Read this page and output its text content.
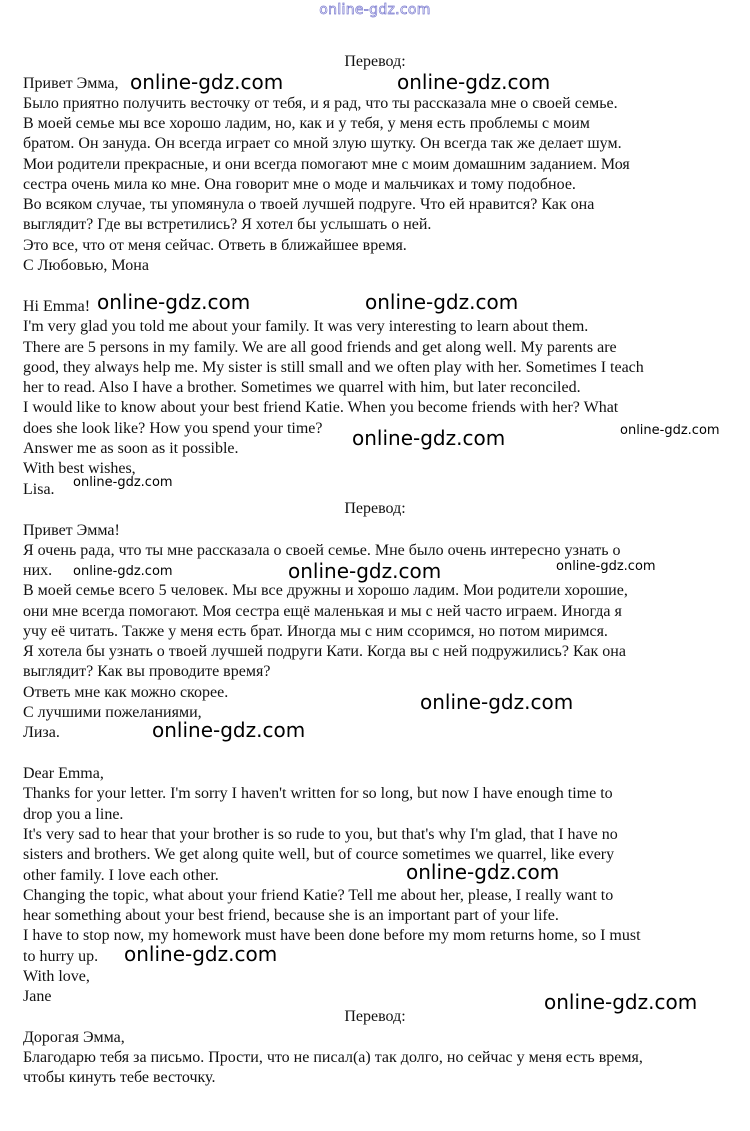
online-gdz.com
Перевод:
Привет Эмма,
Было приятно получить весточку от тебя, и я рад, что ты рассказала мне о своей семье.
В моей семье мы все хорошо ладим, но, как и у тебя, у меня есть проблемы с моим
братом. Он зануда. Он всегда играет со мной злую шутку. Он всегда так же делает шум.
Мои родители прекрасные, и они всегда помогают мне с моим домашним заданием. Моя
сестра очень мила ко мне. Она говорит мне о моде и мальчиках и тому подобное.
Во всяком случае, ты упомянула о твоей лучшей подруге. Что ей нравится? Как она
выглядит? Где вы встретились? Я хотел бы услышать о ней.
Это все, что от меня сейчас. Ответь в ближайшее время.
С Любовью, Мона
Hi Emma!
I'm very glad you told me about your family. It was very interesting to learn about them.
There are 5 persons in my family. We are all good friends and get along well. My parents are
good, they always help me. My sister is still small and we often play with her. Sometimes I teach
her to read. Also I have a brother. Sometimes we quarrel with him, but later reconciled.
I would like to know about your best friend Katie. When you become friends with her? What
does she look like? How you spend your time?
Answer me as soon as it possible.
With best wishes,
Lisa.
Перевод:
Привет Эмма!
Я очень рада, что ты мне рассказала о своей семье. Мне было очень интересно узнать о
них.
В моей семье всего 5 человек. Мы все дружны и хорошо ладим. Мои родители хорошие,
они мне всегда помогают. Моя сестра ещё маленькая и мы с ней часто играем. Иногда я
учу её читать. Также у меня есть брат. Иногда мы с ним ссоримся, но потом миримся.
Я хотела бы узнать о твоей лучшей подруги Кати. Когда вы с ней подружились? Как она
выглядит? Как вы проводите время?
Ответь мне как можно скорее.
С лучшими пожеланиями,
Лиза.
Dear Emma,
Thanks for your letter. I'm sorry I haven't written for so long, but now I have enough time to
drop you a line.
It's very sad to hear that your brother is so rude to you, but that's why I'm glad, that I have no
sisters and brothers. We get along quite well, but of cource sometimes we quarrel, like every
other family. I love each other.
Changing the topic, what about your friend Katie? Tell me about her, please, I really want to
hear something about your best friend, because she is an important part of your life.
I have to stop now, my homework must have been done before my mom returns home, so I must
to hurry up.
With love,
Jane
Перевод:
Дорогая Эмма,
Благодарю тебя за письмо. Прости, что не писал(а) так долго, но сейчас у меня есть время,
чтобы кинуть тебе весточку.
online-gdz.com	online-gdz.com
online-gdz.com	online-gdz.com
online-gdz.com	online-gdz.com
online-gdz.com
online-gdz.com	online-gdz.com	online-gdz.com
online-gdz.com
online-gdz.com
online-gdz.com
online-gdz.com
online-gdz.com
